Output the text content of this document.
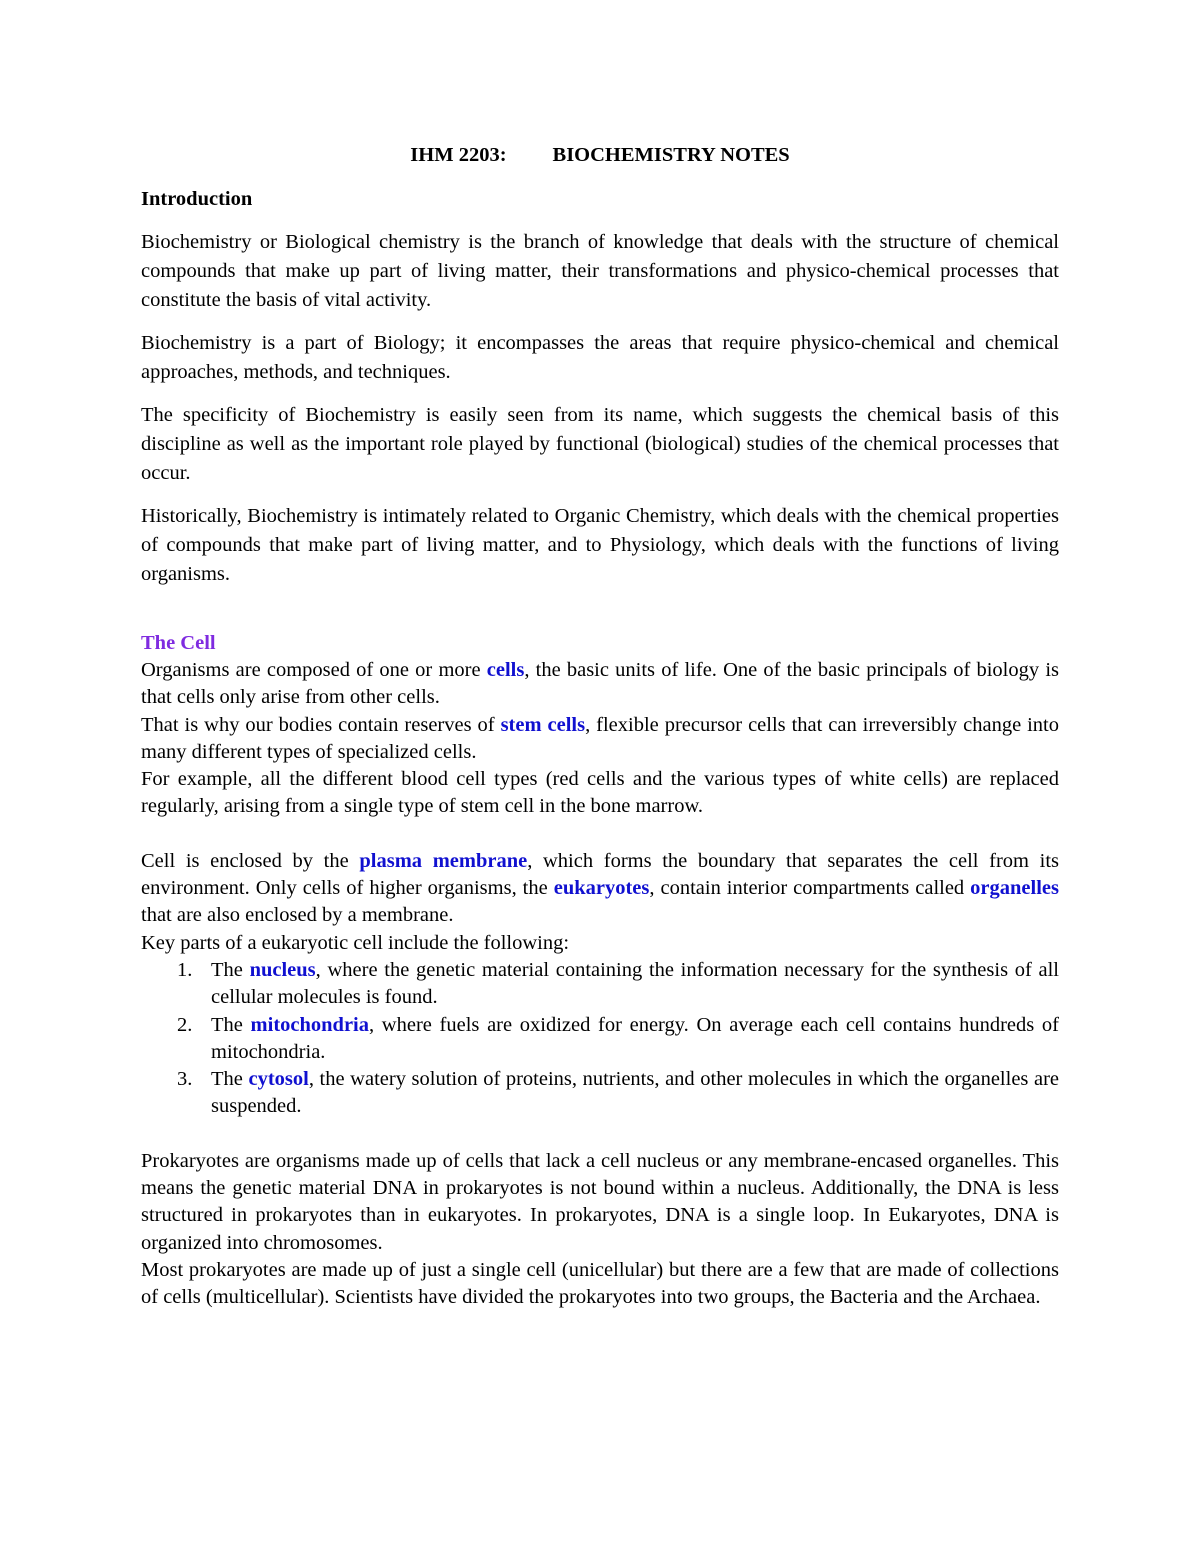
IHM 2203: BIOCHEMISTRY NOTES
Introduction

Biochemistry or Biological chemistry is the branch of knowledge that deals with the structure of chemical compounds that make up part of living matter, their transformations and physico-chemical processes that constitute the basis of vital activity.

Biochemistry is a part of Biology; it encompasses the areas that require physico-chemical and chemical approaches, methods, and techniques.

The specificity of Biochemistry is easily seen from its name, which suggests the chemical basis of this discipline as well as the important role played by functional (biological) studies of the chemical processes that occur.

Historically, Biochemistry is intimately related to Organic Chemistry, which deals with the chemical properties of compounds that make part of living matter, and to Physiology, which deals with the functions of living organisms.

The Cell

Organisms are composed of one or more cells, the basic units of life. One of the basic principals of biology is that cells only arise from other cells.

That is why our bodies contain reserves of stem cells, flexible precursor cells that can irreversibly change into many different types of specialized cells.

For example, all the different blood cell types (red cells and the various types of white cells) are replaced regularly, arising from a single type of stem cell in the bone marrow.

Cell is enclosed by the plasma membrane, which forms the boundary that separates the cell from its environment. Only cells of higher organisms, the eukaryotes, contain interior compartments called organelles that are also enclosed by a membrane.

Key parts of a eukaryotic cell include the following:

1. The nucleus, where the genetic material containing the information necessary for the synthesis of all cellular molecules is found.
2. The mitochondria, where fuels are oxidized for energy. On average each cell contains hundreds of mitochondria.
3. The cytosol, the watery solution of proteins, nutrients, and other molecules in which the organelles are suspended.

Prokaryotes are organisms made up of cells that lack a cell nucleus or any membrane-encased organelles. This means the genetic material DNA in prokaryotes is not bound within a nucleus. Additionally, the DNA is less structured in prokaryotes than in eukaryotes. In prokaryotes, DNA is a single loop. In Eukaryotes, DNA is organized into chromosomes.

Most prokaryotes are made up of just a single cell (unicellular) but there are a few that are made of collections of cells (multicellular). Scientists have divided the prokaryotes into two groups, the Bacteria and the Archaea.
